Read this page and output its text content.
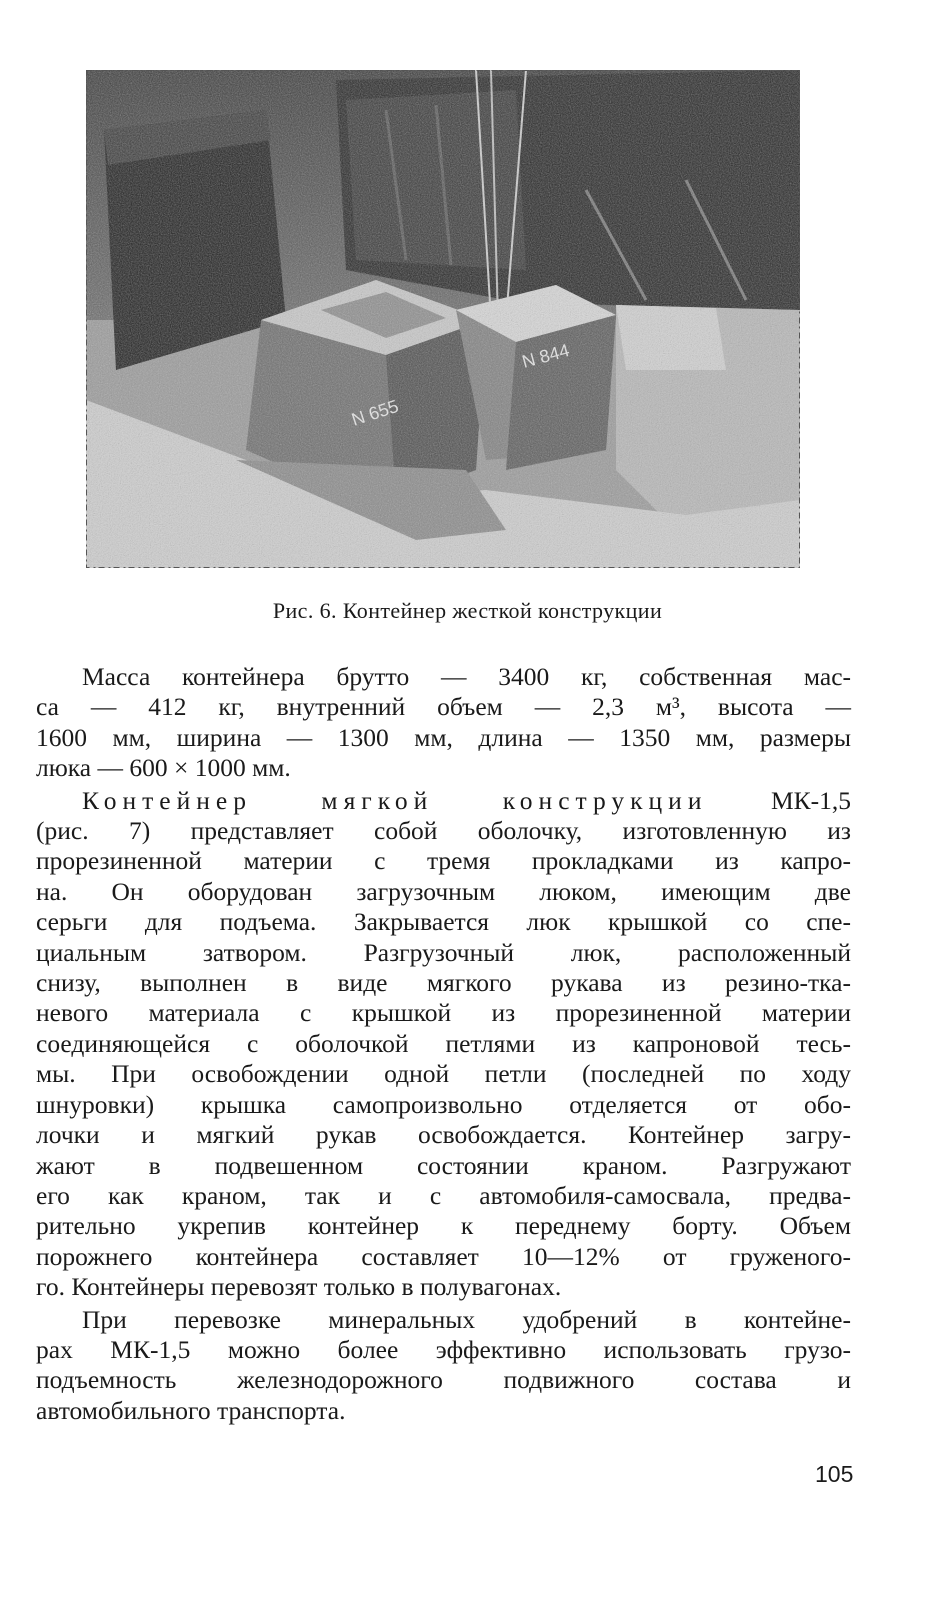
Рис. 6. Контейнер жесткой конструкции
Масса контейнера брутто — 3400 кг, собственная мас-
са — 412 кг, внутренний объем — 2,3 м³, высота —
1600 мм, ширина — 1300 мм, длина — 1350 мм, размеры
люка — 600 × 1000 мм.
Контейнер мягкой конструкции МК-1,5
(рис. 7) представляет собой оболочку, изготовленную из
прорезиненной материи с тремя прокладками из капро-
на. Он оборудован загрузочным люком, имеющим две
серьги для подъема. Закрывается люк крышкой со спе-
циальным затвором. Разгрузочный люк, расположенный
снизу, выполнен в виде мягкого рукава из резино-тка-
невого материала с крышкой из прорезиненной материи
соединяющейся с оболочкой петлями из капроновой тесь-
мы. При освобождении одной петли (последней по ходу
шнуровки) крышка самопроизвольно отделяется от обо-
лочки и мягкий рукав освобождается. Контейнер загру-
жают в подвешенном состоянии краном. Разгружают
его как краном, так и с автомобиля-самосвала, предва-
рительно укрепив контейнер к переднему борту. Объем
порожнего контейнера составляет 10—12% от груженого-
го. Контейнеры перевозят только в полувагонах.
При перевозке минеральных удобрений в контейне-
рах МК-1,5 можно более эффективно использовать грузо-
подъемность железнодорожного подвижного состава и
автомобильного транспорта.
105
